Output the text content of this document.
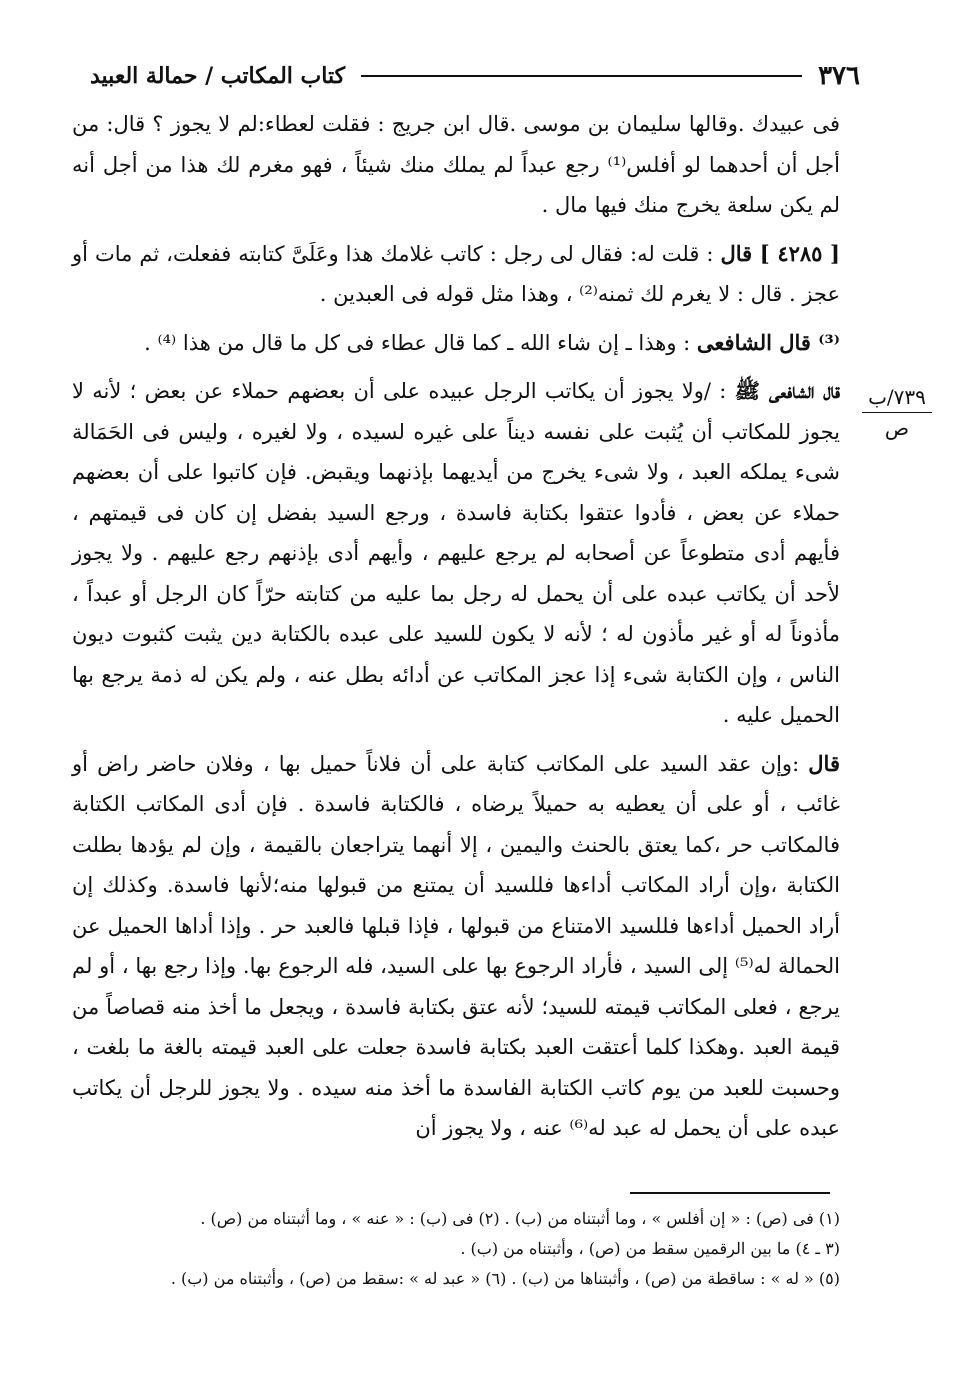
٣٧٦
كتاب المكاتب / حمالة العبيد
٧٣٩/ب
ص

فى عبيدك .وقالها سليمان بن موسى .قال ابن جريج : فقلت لعطاء:لم لا يجوز ؟ قال: من أجل أن أحدهما لو أفلس⁽¹⁾ رجع عبداً لم يملك منك شيئاً ، فهو مغرم لك هذا من أجل أنه لم يكن سلعة يخرج منك فيها مال .

[ ٤٢٨٥ ] قال : قلت له: فقال لى رجل : كاتب غلامك هذا وعَلَىَّ كتابته ففعلت، ثم مات أو عجز . قال : لا يغرم لك ثمنه⁽²⁾ ، وهذا مثل قوله فى العبدين .

⁽³⁾ قال الشافعى : وهذا ـ إن شاء الله ـ كما قال عطاء فى كل ما قال من هذا ⁽⁴⁾ .

قال الشافعى ﷺ : /ولا يجوز أن يكاتب الرجل عبيده على أن بعضهم حملاء عن بعض ؛ لأنه لا يجوز للمكاتب أن يُثبت على نفسه ديناً على غيره لسيده ، ولا لغيره ، وليس فى الحَمَالة شىء يملكه العبد ، ولا شىء يخرج من أيديهما بإذنهما ويقبض. فإن كاتبوا على أن بعضهم حملاء عن بعض ، فأدوا عتقوا بكتابة فاسدة ، ورجع السيد بفضل إن كان فى قيمتهم ، فأيهم أدى متطوعاً عن أصحابه لم يرجع عليهم ، وأيهم أدى بإذنهم رجع عليهم . ولا يجوز لأحد أن يكاتب عبده على أن يحمل له رجل بما عليه من كتابته حرّاً كان الرجل أو عبداً ، مأذوناً له أو غير مأذون له ؛ لأنه لا يكون للسيد على عبده بالكتابة دين يثبت كثبوت ديون الناس ، وإن الكتابة شىء إذا عجز المكاتب عن أدائه بطل عنه ، ولم يكن له ذمة يرجع بها الحميل عليه .

قال :وإن عقد السيد على المكاتب كتابة على أن فلاناً حميل بها ، وفلان حاضر راض أو غائب ، أو على أن يعطيه به حميلاً يرضاه ، فالكتابة فاسدة . فإن أدى المكاتب الكتابة فالمكاتب حر ،كما يعتق بالحنث واليمين ، إلا أنهما يتراجعان بالقيمة ، وإن لم يؤدها بطلت الكتابة ،وإن أراد المكاتب أداءها فللسيد أن يمتنع من قبولها منه؛لأنها فاسدة. وكذلك إن أراد الحميل أداءها فللسيد الامتناع من قبولها ، فإذا قبلها فالعبد حر . وإذا أداها الحميل عن الحمالة له⁽⁵⁾ إلى السيد ، فأراد الرجوع بها على السيد، فله الرجوع بها. وإذا رجع بها ، أو لم يرجع ، فعلى المكاتب قيمته للسيد؛ لأنه عتق بكتابة فاسدة ، ويجعل ما أخذ منه قصاصاً من قيمة العبد .وهكذا كلما أعتقت العبد بكتابة فاسدة جعلت على العبد قيمته بالغة ما بلغت ، وحسبت للعبد من يوم كاتب الكتابة الفاسدة ما أخذ منه سيده . ولا يجوز للرجل أن يكاتب عبده على أن يحمل له عبد له⁽⁶⁾ عنه ، ولا يجوز أن

(١) فى (ص) : « إن أفلس » ، وما أثبتناه من (ب) . (٢) فى (ب) : « عنه » ، وما أثبتناه من (ص) .
(٣ ـ ٤) ما بين الرقمين سقط من (ص) ، وأثبتناه من (ب) .
(٥) « له » : ساقطة من (ص) ، وأثبتناها من (ب) . (٦) « عبد له » :سقط من (ص) ، وأثبتناه من (ب) .
